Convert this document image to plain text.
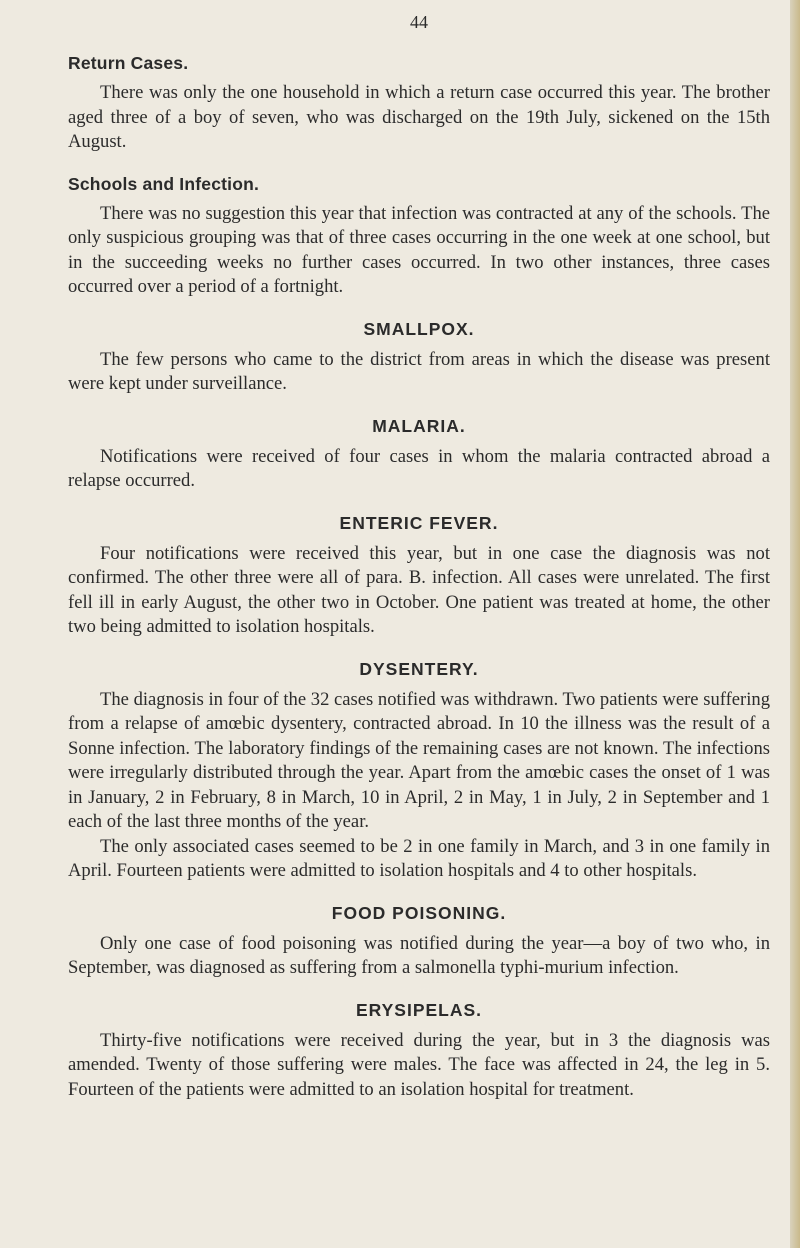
44
Return Cases.

There was only the one household in which a return case occurred this year. The brother aged three of a boy of seven, who was discharged on the 19th July, sickened on the 15th August.

Schools and Infection.

There was no suggestion this year that infection was contracted at any of the schools. The only suspicious grouping was that of three cases occurring in the one week at one school, but in the succeeding weeks no further cases occurred. In two other instances, three cases occurred over a period of a fortnight.

SMALLPOX.

The few persons who came to the district from areas in which the disease was present were kept under surveillance.

MALARIA.

Notifications were received of four cases in whom the malaria contracted abroad a relapse occurred.

ENTERIC FEVER.

Four notifications were received this year, but in one case the diagnosis was not confirmed. The other three were all of para. B. infection. All cases were unrelated. The first fell ill in early August, the other two in October. One patient was treated at home, the other two being admitted to isolation hospitals.

DYSENTERY.

The diagnosis in four of the 32 cases notified was withdrawn. Two patients were suffering from a relapse of amœbic dysentery, contracted abroad. In 10 the illness was the result of a Sonne infection. The laboratory findings of the remaining cases are not known. The infections were irregularly distributed through the year. Apart from the amœbic cases the onset of 1 was in January, 2 in February, 8 in March, 10 in April, 2 in May, 1 in July, 2 in September and 1 each of the last three months of the year.

The only associated cases seemed to be 2 in one family in March, and 3 in one family in April. Fourteen patients were admitted to isolation hospitals and 4 to other hospitals.

FOOD POISONING.

Only one case of food poisoning was notified during the year—a boy of two who, in September, was diagnosed as suffering from a salmonella typhi-murium infection.

ERYSIPELAS.

Thirty-five notifications were received during the year, but in 3 the diagnosis was amended. Twenty of those suffering were males. The face was affected in 24, the leg in 5. Fourteen of the patients were admitted to an isolation hospital for treatment.
